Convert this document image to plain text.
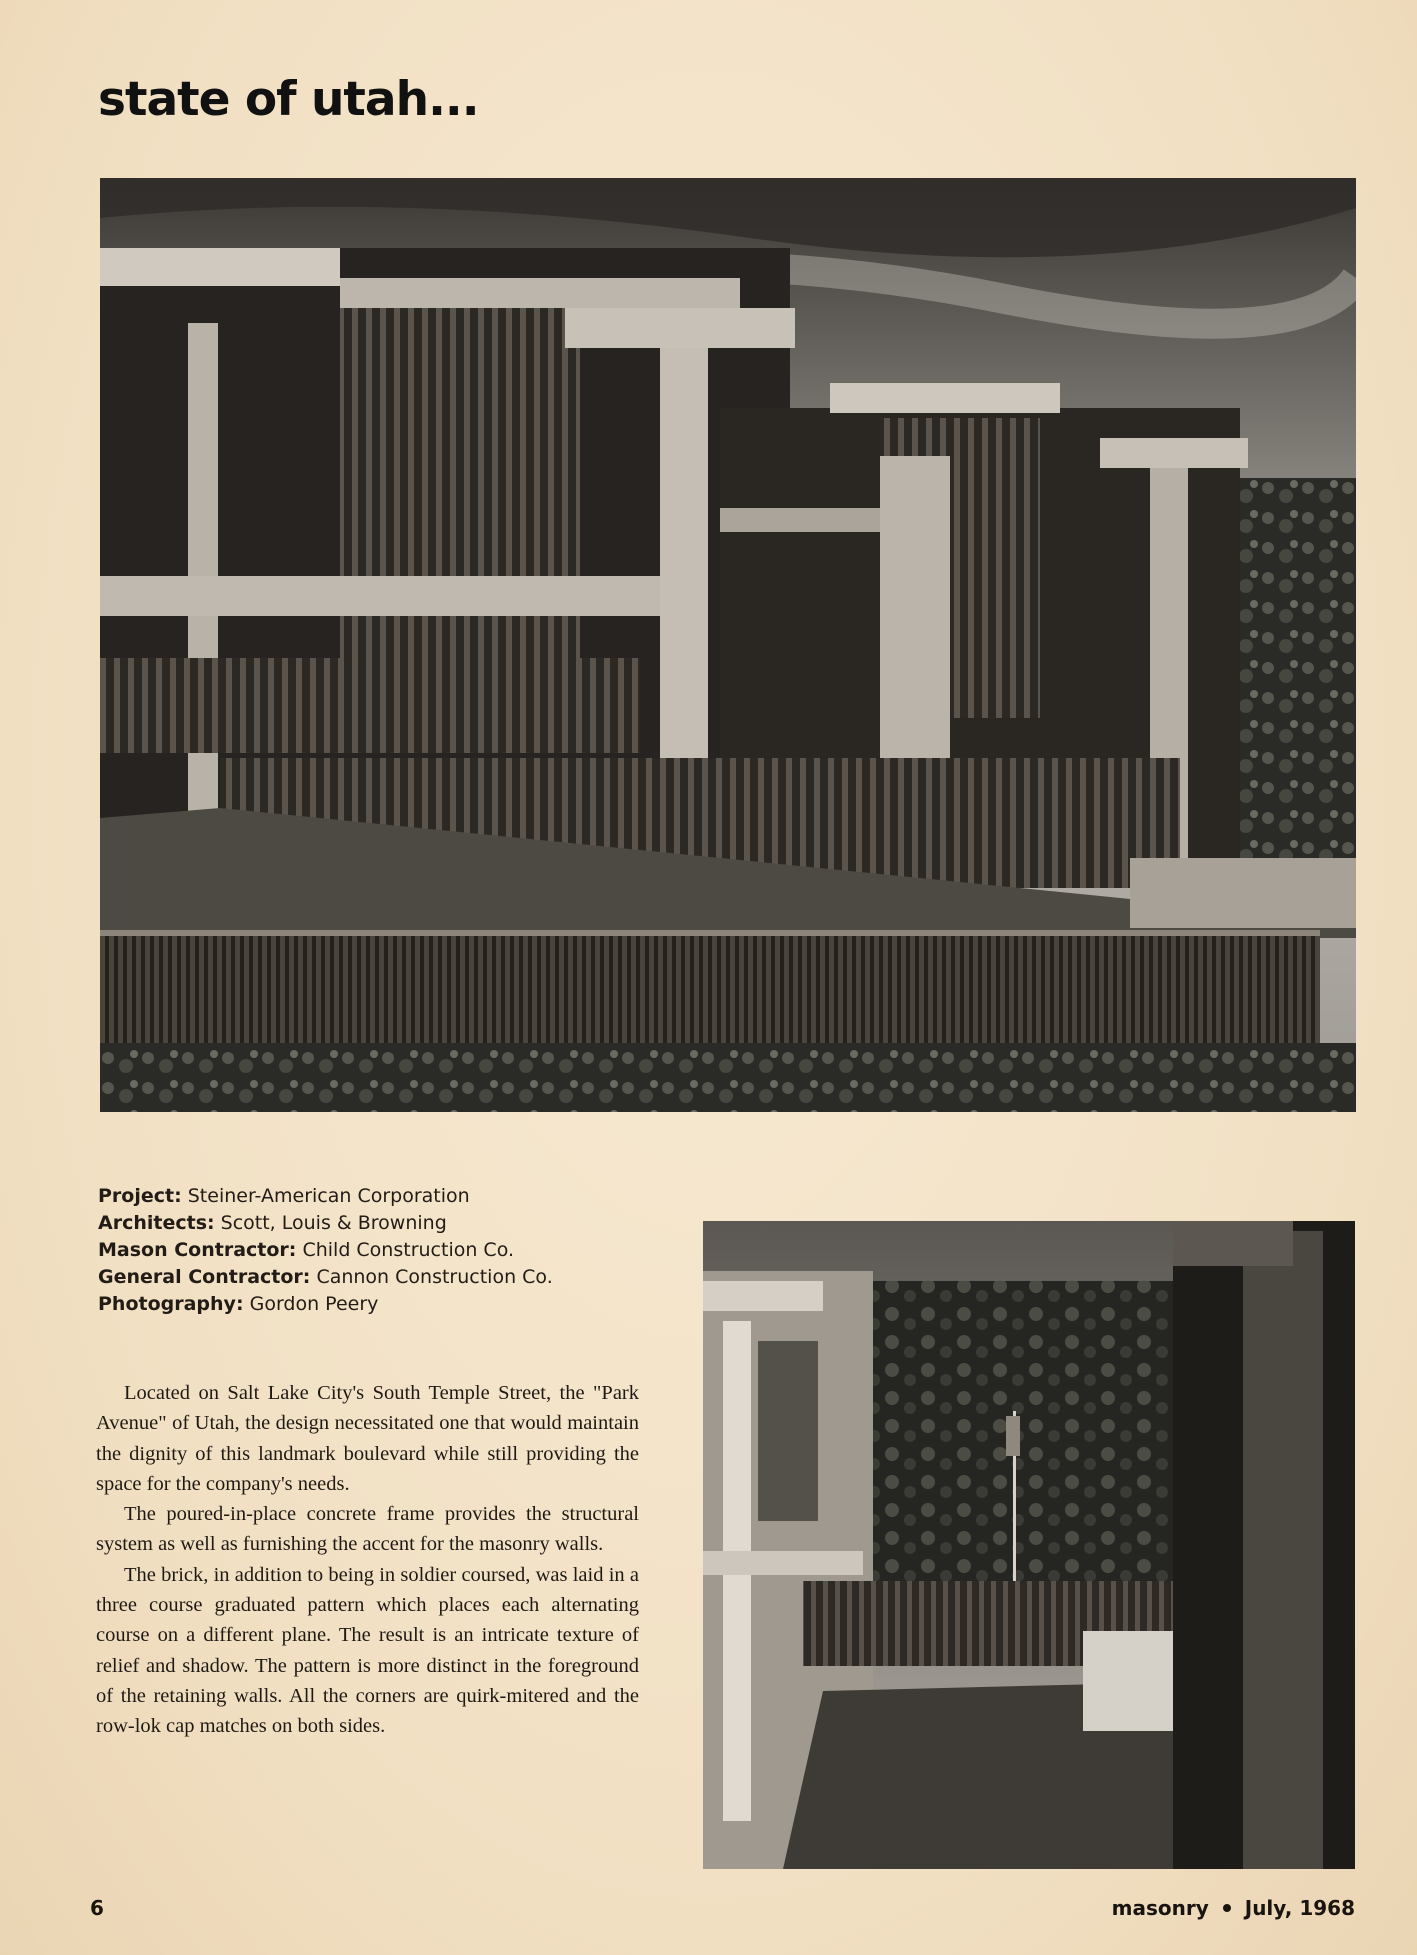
state of utah...
Project: Steiner-American Corporation
Architects: Scott, Louis & Browning
Mason Contractor: Child Construction Co.
General Contractor: Cannon Construction Co.
Photography: Gordon Peery

Located on Salt Lake City's South Temple Street, the "Park Avenue" of Utah, the design necessitated one that would maintain the dignity of this landmark boulevard while still providing the space for the company's needs.

The poured-in-place concrete frame provides the structural system as well as furnishing the accent for the masonry walls.

The brick, in addition to being in soldier coursed, was laid in a three course graduated pattern which places each alternating course on a different plane. The result is an intricate texture of relief and shadow. The pattern is more distinct in the foreground of the retaining walls. All the corners are quirk-mitered and the row-lok cap matches on both sides.

6	masonry July, 1968
